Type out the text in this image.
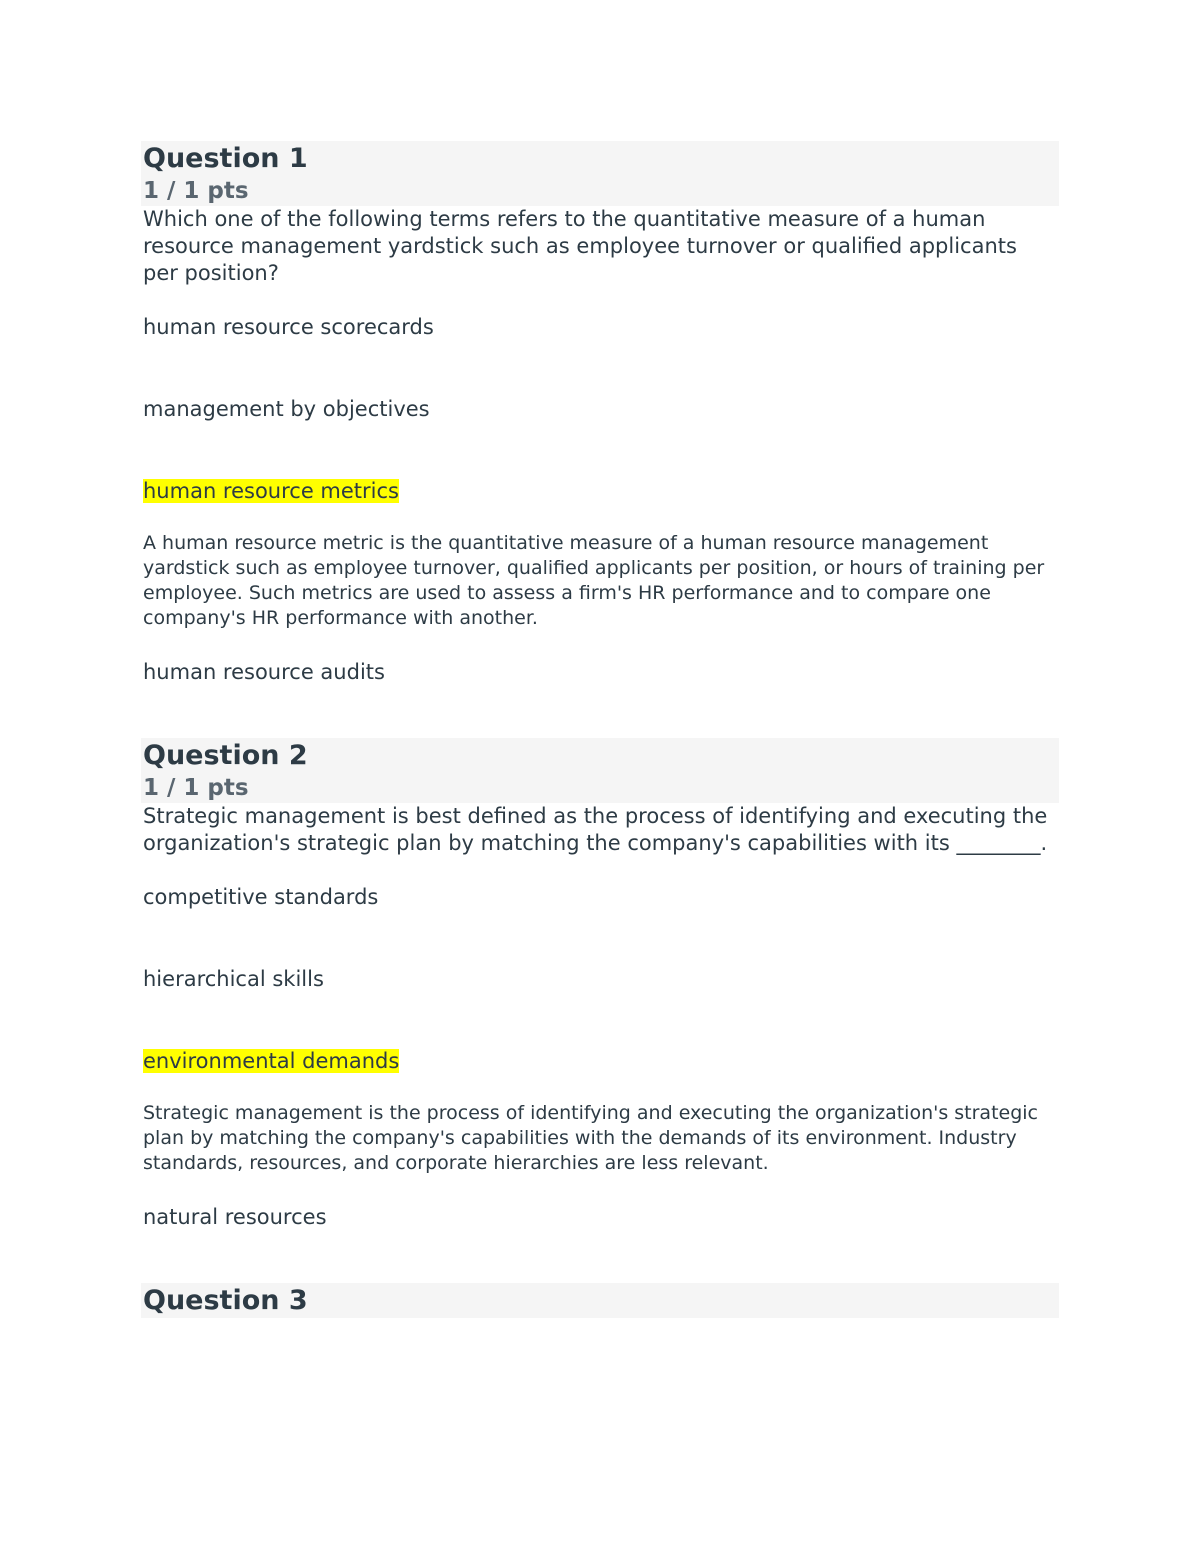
Question 1
1 / 1 pts
Which one of the following terms refers to the quantitative measure of a human resource management yardstick such as employee turnover or qualified applicants per position?
human resource scorecards
management by objectives
human resource metrics
A human resource metric is the quantitative measure of a human resource management yardstick such as employee turnover, qualified applicants per position, or hours of training per employee. Such metrics are used to assess a firm's HR performance and to compare one company's HR performance with another.
human resource audits
Question 2
1 / 1 pts
Strategic management is best defined as the process of identifying and executing the organization's strategic plan by matching the company's capabilities with its ________.
competitive standards
hierarchical skills
environmental demands
Strategic management is the process of identifying and executing the organization's strategic plan by matching the company's capabilities with the demands of its environment. Industry standards, resources, and corporate hierarchies are less relevant.
natural resources
Question 3
